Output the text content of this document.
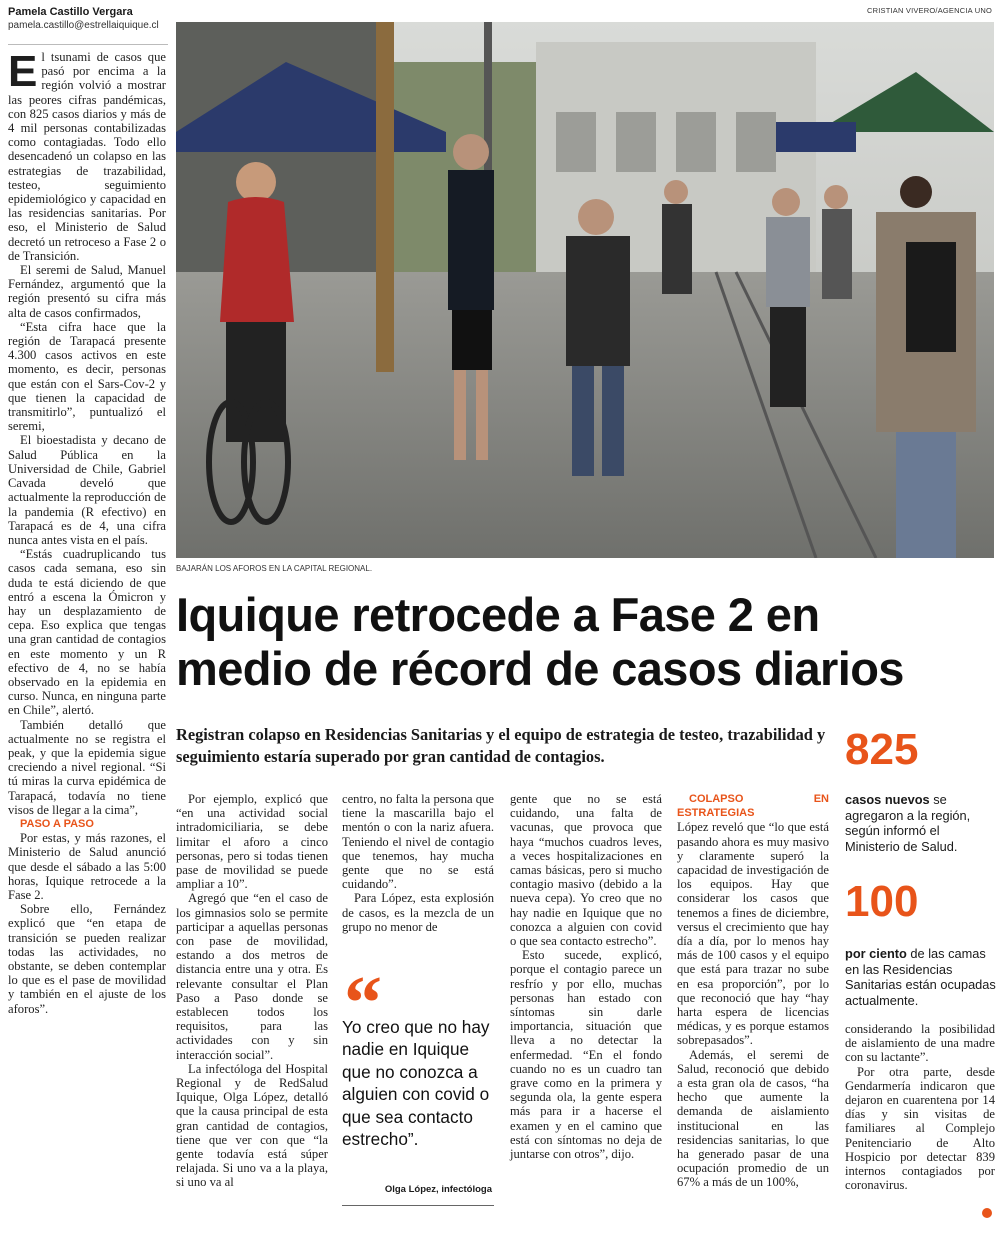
Pamela Castillo Vergara
pamela.castillo@estrellaiquique.cl
CRISTIAN VIVERO/AGENCIA UNO
BAJARÁN LOS AFOROS EN LA CAPITAL REGIONAL.

El tsunami de casos que pasó por encima a la región volvió a mostrar las peores cifras pandémicas, con 825 casos diarios y más de 4 mil personas contabilizadas como contagiadas. Todo ello desencadenó un colapso en las estrategias de trazabilidad, testeo, seguimiento epidemiológico y capacidad en las residencias sanitarias. Por eso, el Ministerio de Salud decretó un retroceso a Fase 2 o de Transición.

El seremi de Salud, Manuel Fernández, argumentó que la región presentó su cifra más alta de casos confirmados,

“Esta cifra hace que la región de Tarapacá presente 4.300 casos activos en este momento, es decir, personas que están con el Sars-Cov-2 y que tienen la capacidad de transmitirlo”, puntualizó el seremi,

El bioestadista y decano de Salud Pública en la Universidad de Chile, Gabriel Cavada develó que actualmente la reproducción de la pandemia (R efectivo) en Tarapacá es de 4, una cifra nunca antes vista en el país.

“Estás cuadruplicando tus casos cada semana, eso sin duda te está diciendo de que entró a escena la Ómicron y hay un desplazamiento de cepa. Eso explica que tengas una gran cantidad de contagios en este momento y un R efectivo de 4, no se había observado en la epidemia en curso. Nunca, en ninguna parte en Chile”, alertó.

También detalló que actualmente no se registra el peak, y que la epidemia sigue creciendo a nivel regional. “Si tú miras la curva epidémica de Tarapacá, todavía no tiene visos de llegar a la cima”,

PASO A PASO

Por estas, y más razones, el Ministerio de Salud anunció que desde el sábado a las 5:00 horas, Iquique retrocede a la Fase 2.

Sobre ello, Fernández explicó que “en etapa de transición se pueden realizar todas las actividades, no obstante, se deben contemplar lo que es el pase de movilidad y también en el ajuste de los aforos”.

Iquique retrocede a Fase 2 en
medio de récord de casos diarios
Registran colapso en Residencias Sanitarias y el equipo de estrategia de testeo, trazabilidad y seguimiento estaría superado por gran cantidad de contagios.

Por ejemplo, explicó que “en una actividad social intradomiciliaria, se debe limitar el aforo a cinco personas, pero si todas tienen pase de movilidad se puede ampliar a 10”.

Agregó que “en el caso de los gimnasios solo se permite participar a aquellas personas con pase de movilidad, estando a dos metros de distancia entre una y otra. Es relevante consultar el Plan Paso a Paso donde se establecen todos los requisitos, para las actividades con y sin interacción social”.

La infectóloga del Hospital Regional y de RedSalud Iquique, Olga López, detalló que la causa principal de esta gran cantidad de contagios, tiene que ver con que “la gente todavía está súper relajada. Si uno va a la playa, si uno va al

centro, no falta la persona que tiene la mascarilla bajo el mentón o con la nariz afuera. Teniendo el nivel de contagio que tenemos, hay mucha gente que no se está cuidando”.

Para López, esta explosión de casos, es la mezcla de un grupo no menor de

“
Yo creo que no hay nadie en Iquique que no conozca a alguien con covid o que sea contacto estrecho”.
Olga López, infectóloga

gente que no se está cuidando, una falta de vacunas, que provoca que haya “muchos cuadros leves, a veces hospitalizaciones en camas básicas, pero si mucho contagio masivo (debido a la nueva cepa). Yo creo que no hay nadie en Iquique que no conozca a alguien con covid o que sea contacto estrecho”.

Esto sucede, explicó, porque el contagio parece un resfrío y por ello, muchas personas han estado con síntomas sin darle importancia, situación que lleva a no detectar la enfermedad. “En el fondo cuando no es un cuadro tan grave como en la primera y segunda ola, la gente espera más para ir a hacerse el examen y en el camino que está con síntomas no deja de juntarse con otros”, dijo.

COLAPSO EN ESTRATEGIAS

López reveló que “lo que está pasando ahora es muy masivo y claramente superó la capacidad de investigación de los equipos. Hay que considerar los casos que tenemos a fines de diciembre, versus el crecimiento que hay día a día, por lo menos hay más de 100 casos y el equipo que está para trazar no sube en esa proporción”, por lo que reconoció que hay “hay harta espera de licencias médicas, y es porque estamos sobrepasados”.

Además, el seremi de Salud, reconoció que debido a esta gran ola de casos, “ha hecho que aumente la demanda de aislamiento institucional en las residencias sanitarias, lo que ha generado pasar de una ocupación promedio de un 67% a más de un 100%,

825
casos nuevos se agregaron a la región, según informó el Ministerio de Salud.
100
por ciento de las camas en las Residencias Sanitarias están ocupadas actualmente.

considerando la posibilidad de aislamiento de una madre con su lactante”.

Por otra parte, desde Gendarmería indicaron que dejaron en cuarentena por 14 días y sin visitas de familiares al Complejo Penitenciario de Alto Hospicio por detectar 839 internos contagiados por coronavirus.
